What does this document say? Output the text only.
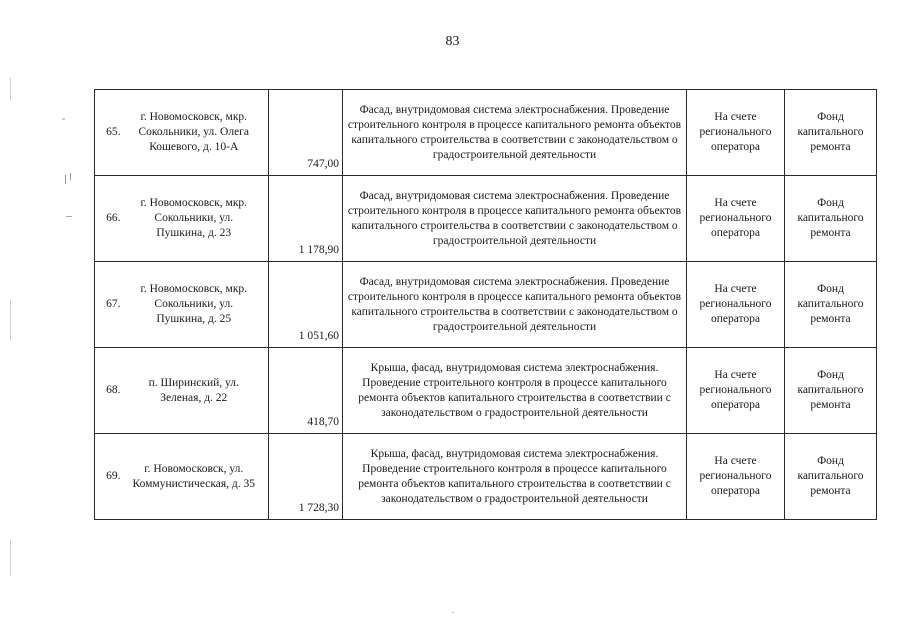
83
65.	г. Новомосковск, мкр. Сокольники, ул. Олега Кошевого, д. 10-А	747,00	Фасад, внутридомовая система электроснабжения. Проведение строительного контроля в процессе капитального ремонта объектов капитального строительства в соответствии с законодательством о градостроительной деятельности	На счете регионального оператора	Фонд капитального ремонта
66.	г. Новомосковск, мкр. Сокольники, ул. Пушкина, д. 23	1 178,90	Фасад, внутридомовая система электроснабжения. Проведение строительного контроля в процессе капитального ремонта объектов капитального строительства в соответствии с законодательством о градостроительной деятельности	На счете регионального оператора	Фонд капитального ремонта
67.	г. Новомосковск, мкр. Сокольники, ул. Пушкина, д. 25	1 051,60	Фасад, внутридомовая система электроснабжения. Проведение строительного контроля в процессе капитального ремонта объектов капитального строительства в соответствии с законодательством о градостроительной деятельности	На счете регионального оператора	Фонд капитального ремонта
68.	п. Ширинский, ул. Зеленая, д. 22	418,70	Крыша, фасад, внутридомовая система электроснабжения. Проведение строительного контроля в процессе капитального ремонта объектов капитального строительства в соответствии с законодательством о градостроительной деятельности	На счете регионального оператора	Фонд капитального ремонта
69.	г. Новомосковск, ул. Коммунистическая, д. 35	1 728,30	Крыша, фасад, внутридомовая система электроснабжения. Проведение строительного контроля в процессе капитального ремонта объектов капитального строительства в соответствии с законодательством о градостроительной деятельности	На счете регионального оператора	Фонд капитального ремонта
